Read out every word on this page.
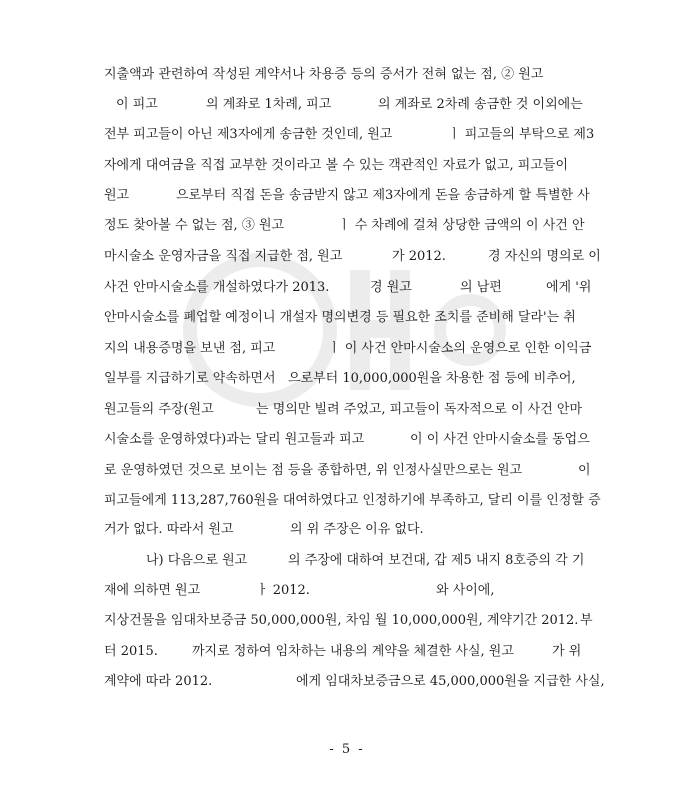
지출액과 관련하여 작성된 계약서나 차용증 등의 증서가 전혀 없는 점, ② 원고
이 피고	의 계좌로 1차례, 피고	의 계좌로 2차례 송금한 것 이외에는
전부 피고들이 아닌 제3자에게 송금한 것인데, 원고	ㅣ 피고들의 부탁으로 제3
자에게 대여금을 직접 교부한 것이라고 볼 수 있는 객관적인 자료가 없고, 피고들이
원고	으로부터 직접 돈을 송금받지 않고 제3자에게 돈을 송금하게 할 특별한 사
정도 찾아볼 수 없는 점, ③ 원고	ㅣ 수 차례에 걸쳐 상당한 금액의 이 사건 안
마시술소 운영자금을 직접 지급한 점, 원고	가 2012.	경 자신의 명의로 이
사건 안마시술소를 개설하였다가 2013.	경 원고	의 남편	에게 '위
안마시술소를 폐업할 예정이니 개설자 명의변경 등 필요한 조치를 준비해 달라'는 취
지의 내용증명을 보낸 점, 피고	ㅣ 이 사건 안마시술소의 운영으로 인한 이익금
일부를 지급하기로 약속하면서 으로부터 10,000,000원을 차용한 점 등에 비추어,
원고들의 주장(원고	는 명의만 빌려 주었고, 피고들이 독자적으로 이 사건 안마
시술소를 운영하였다)과는 달리 원고들과 피고	이 이 사건 안마시술소를 동업으
로 운영하였던 것으로 보이는 점 등을 종합하면, 위 인정사실만으로는 원고	이
피고들에게 113,287,760원을 대여하였다고 인정하기에 부족하고, 달리 이를 인정할 증
거가 없다. 따라서 원고	의 위 주장은 이유 없다.
나) 다음으로 원고	의 주장에 대하여 보건대, 갑 제5 내지 8호증의 각 기
재에 의하면 원고	ㅏ 2012.	와 사이에,
지상건물을 임대차보증금 50,000,000원, 차임 월 10,000,000원, 계약기간 2012. 부
터 2015.	까지로 정하여 임차하는 내용의 계약을 체결한 사실, 원고	가 위
계약에 따라 2012.	에게 임대차보증금으로 45,000,000원을 지급한 사실,
- 5 -
